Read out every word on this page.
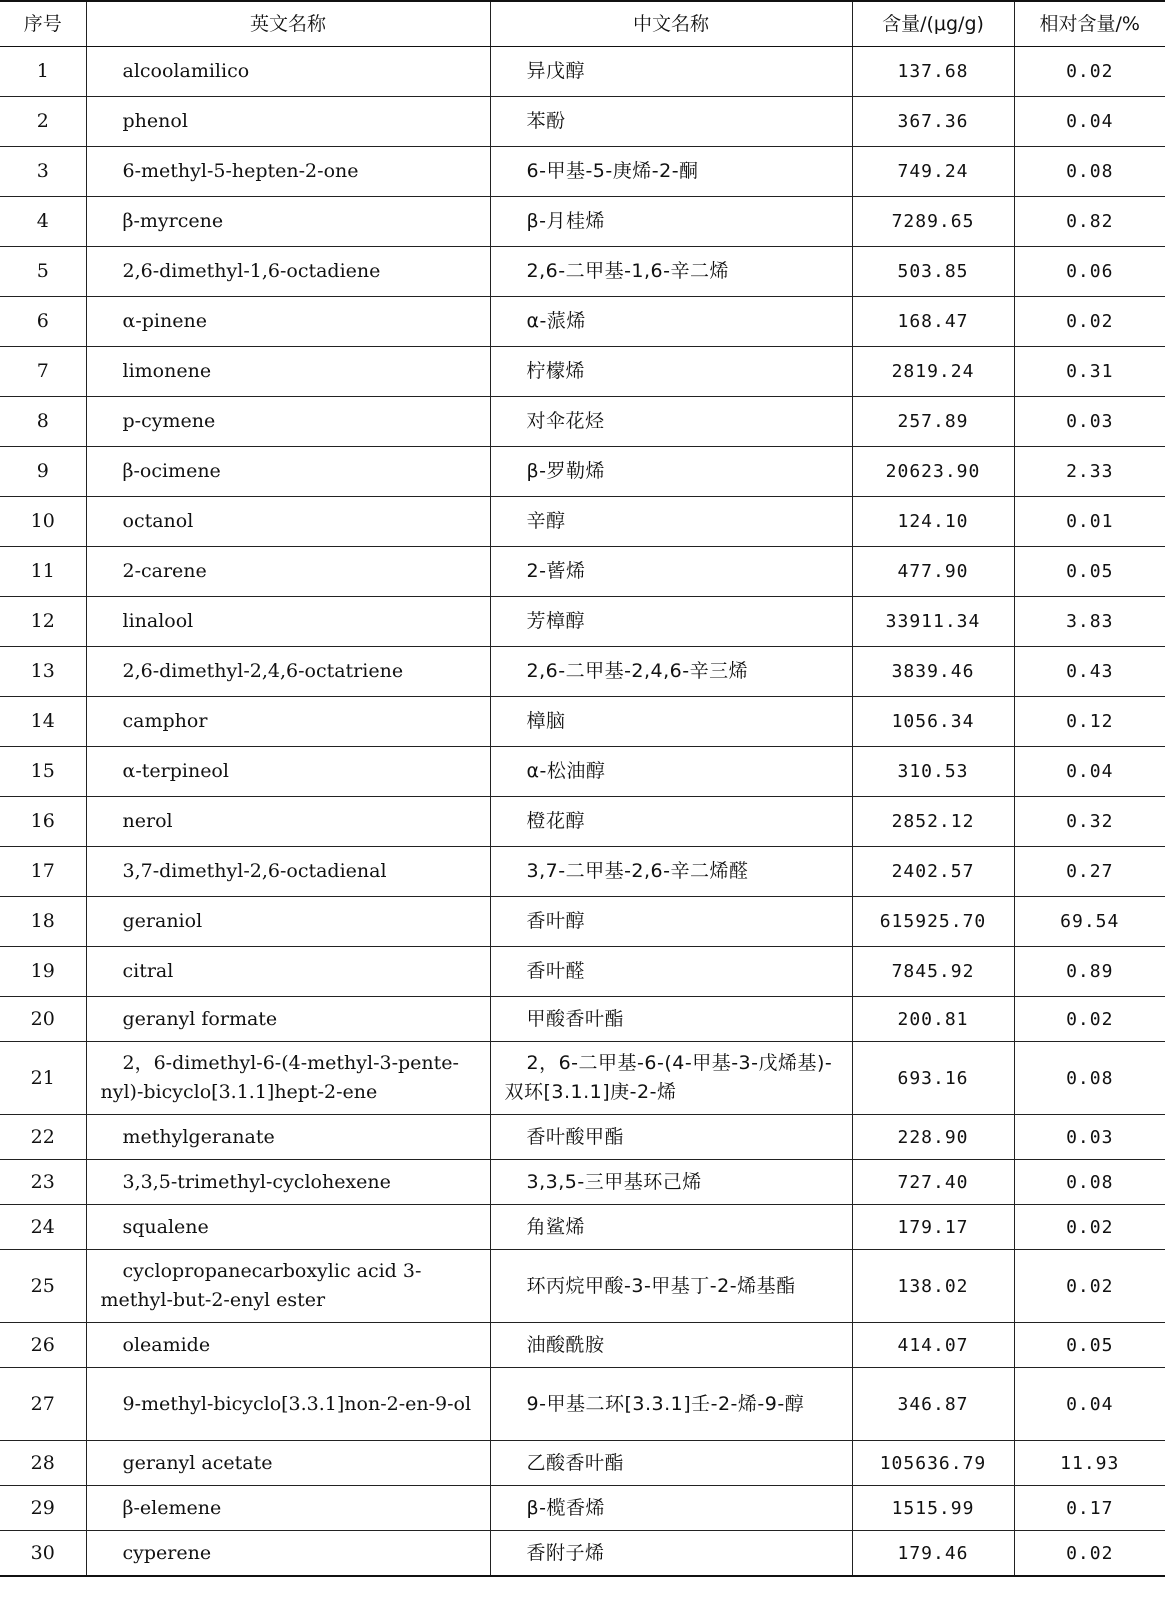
序号	英文名称	中文名称	含量/(μg/g)	相对含量/%
1	alcoolamilico	异戊醇	137.68	0.02
2	phenol	苯酚	367.36	0.04
3	6-methyl-5-hepten-2-one	6-甲基-5-庚烯-2-酮	749.24	0.08
4	β-myrcene	β-月桂烯	7289.65	0.82
5	2,6-dimethyl-1,6-octadiene	2,6-二甲基-1,6-辛二烯	503.85	0.06
6	α-pinene	α-蒎烯	168.47	0.02
7	limonene	柠檬烯	2819.24	0.31
8	p-cymene	对伞花烃	257.89	0.03
9	β-ocimene	β-罗勒烯	20623.90	2.33
10	octanol	辛醇	124.10	0.01
11	2-carene	2-蒈烯	477.90	0.05
12	linalool	芳樟醇	33911.34	3.83
13	2,6-dimethyl-2,4,6-octatriene	2,6-二甲基-2,4,6-辛三烯	3839.46	0.43
14	camphor	樟脑	1056.34	0.12
15	α-terpineol	α-松油醇	310.53	0.04
16	nerol	橙花醇	2852.12	0.32
17	3,7-dimethyl-2,6-octadienal	3,7-二甲基-2,6-辛二烯醛	2402.57	0.27
18	geraniol	香叶醇	615925.70	69.54
19	citral	香叶醛	7845.92	0.89
20	geranyl formate	甲酸香叶酯	200.81	0.02
21	2，6-dimethyl-6-(4-methyl-3-pente-nyl)-bicyclo[3.1.1]hept-2-ene	2，6-二甲基-6-(4-甲基-3-戊烯基)-双环[3.1.1]庚-2-烯	693.16	0.08
22	methylgeranate	香叶酸甲酯	228.90	0.03
23	3,3,5-trimethyl-cyclohexene	3,3,5-三甲基环己烯	727.40	0.08
24	squalene	角鲨烯	179.17	0.02
25	cyclopropanecarboxylic acid 3-methyl-but-2-enyl ester	环丙烷甲酸-3-甲基丁-2-烯基酯	138.02	0.02
26	oleamide	油酸酰胺	414.07	0.05
27	9-methyl-bicyclo[3.3.1]non-2-en-9-ol	9-甲基二环[3.3.1]壬-2-烯-9-醇	346.87	0.04
28	geranyl acetate	乙酸香叶酯	105636.79	11.93
29	β-elemene	β-榄香烯	1515.99	0.17
30	cyperene	香附子烯	179.46	0.02
